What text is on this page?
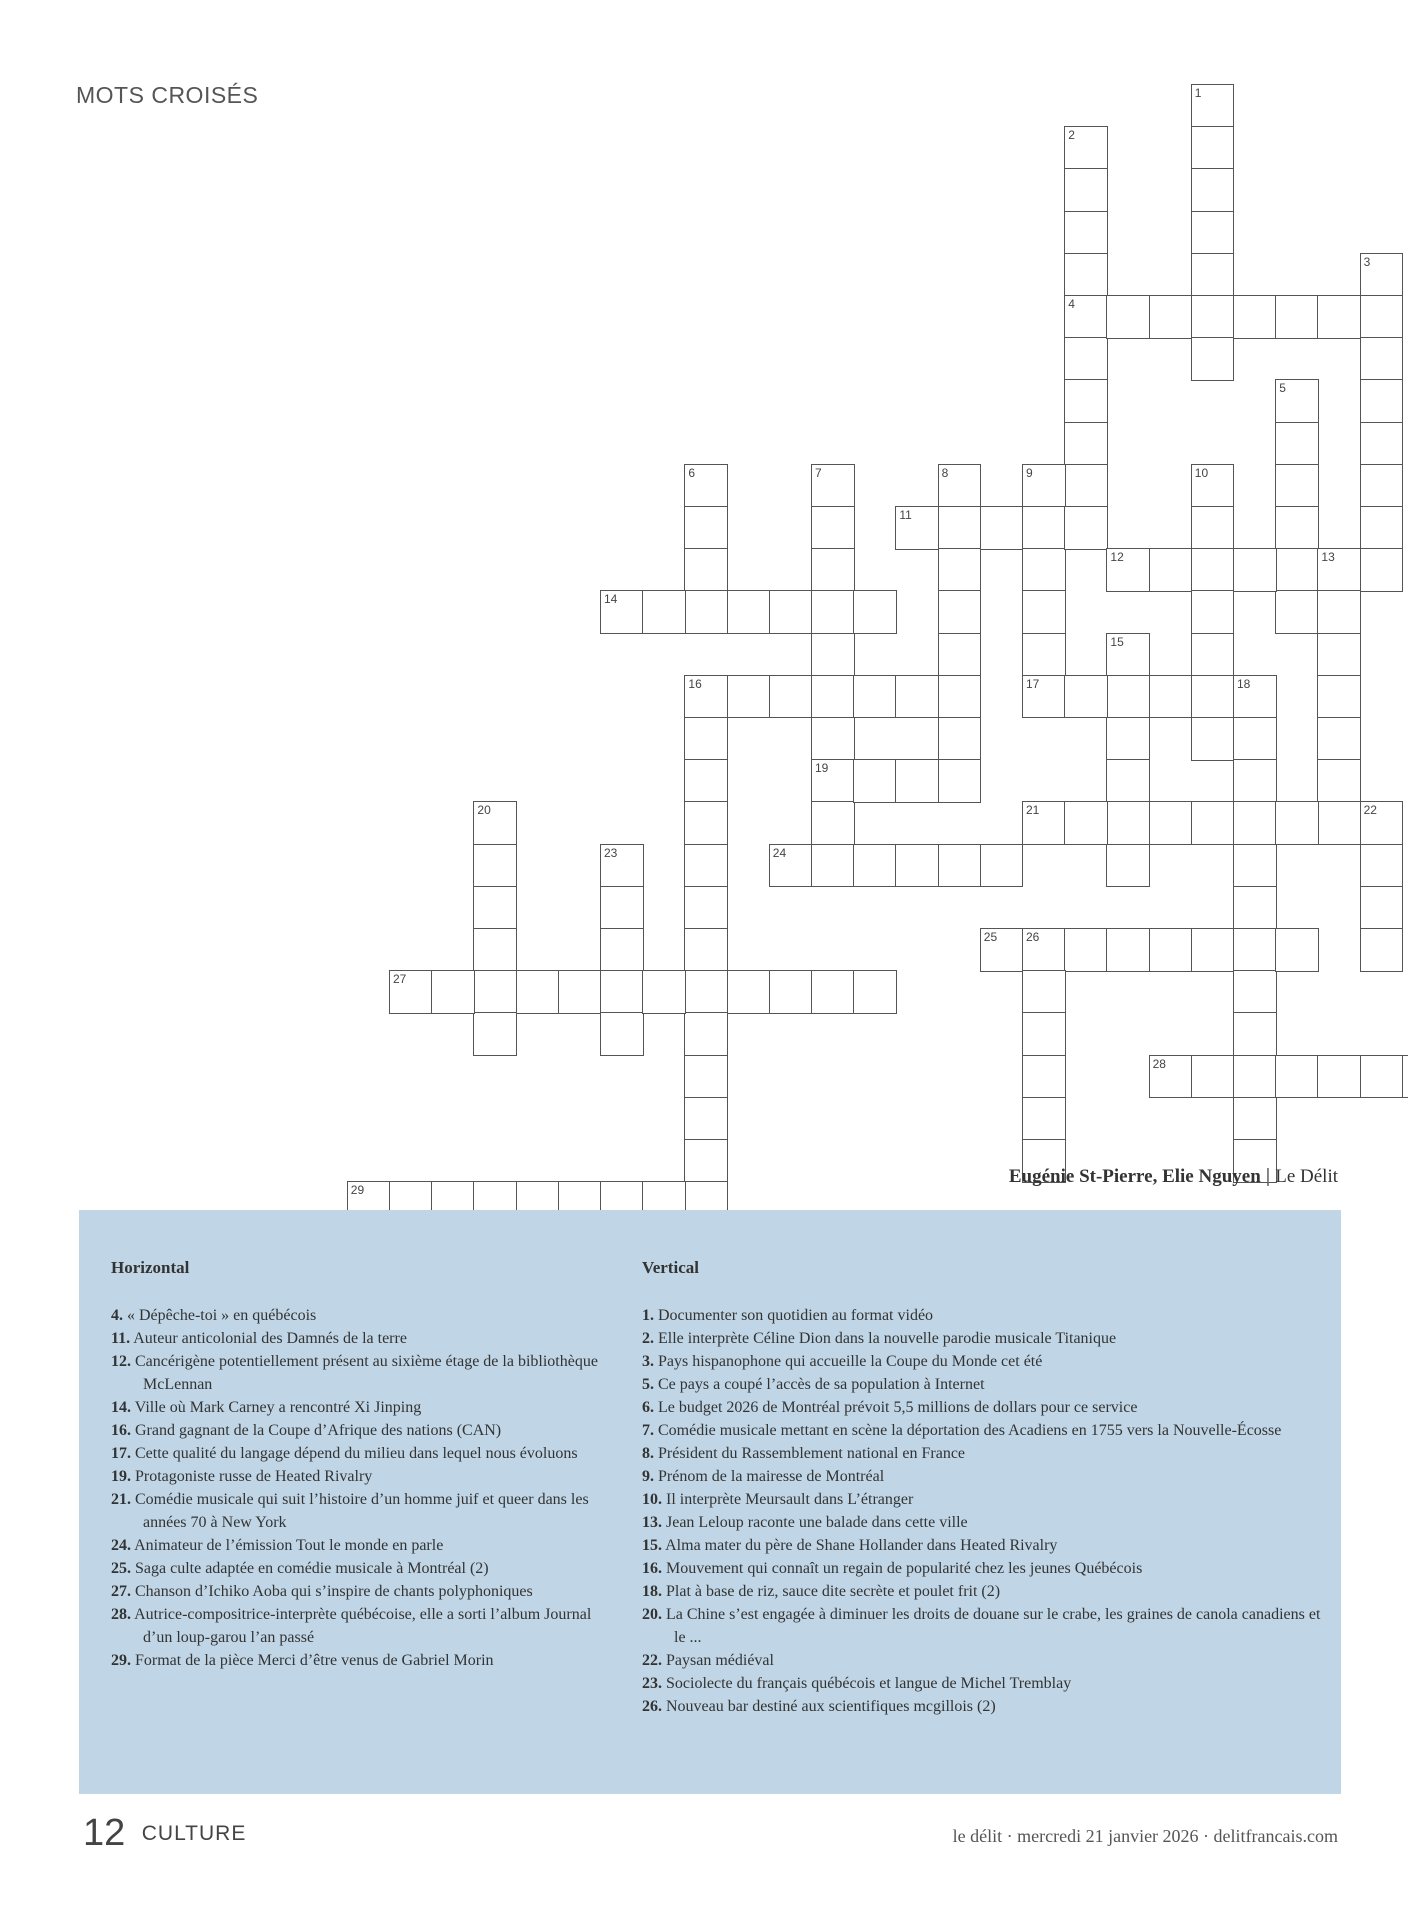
MOTS CROISÉS	1
2
4
3
5
6	7
19
8	9
17
10
11
12	13
14
15
16	18
20	21	22
23	24
25 26
27
28
29
Eugénie St-Pierre, Elie Nguyen | Le Délit
Horizontal
4. « Dépêche-toi » en québécois
11. Auteur anticolonial des Damnés de la terre
12. Cancérigène potentiellement présent au sixième étage de la bibliothèque McLennan
14. Ville où Mark Carney a rencontré Xi Jinping
16. Grand gagnant de la Coupe d’Afrique des nations (CAN)
17. Cette qualité du langage dépend du milieu dans lequel nous évoluons
19. Protagoniste russe de Heated Rivalry
21. Comédie musicale qui suit l’histoire d’un homme juif et queer dans les années 70 à New York
24. Animateur de l’émission Tout le monde en parle
25. Saga culte adaptée en comédie musicale à Montréal (2)
27. Chanson d’Ichiko Aoba qui s’inspire de chants polyphoniques
28. Autrice-compositrice-interprète québécoise, elle a sorti l’album Journal d’un loup-garou l’an passé
29. Format de la pièce Merci d’être venus de Gabriel Morin
Vertical
1. Documenter son quotidien au format vidéo
2. Elle interprète Céline Dion dans la nouvelle parodie musicale Titanique
3. Pays hispanophone qui accueille la Coupe du Monde cet été
5. Ce pays a coupé l’accès de sa population à Internet
6. Le budget 2026 de Montréal prévoit 5,5 millions de dollars pour ce service
7. Comédie musicale mettant en scène la déportation des Acadiens en 1755 vers la Nouvelle-Écosse
8. Président du Rassemblement national en France
9. Prénom de la mairesse de Montréal
10. Il interprète Meursault dans L’étranger
13. Jean Leloup raconte une balade dans cette ville
15. Alma mater du père de Shane Hollander dans Heated Rivalry
16. Mouvement qui connaît un regain de popularité chez les jeunes Québécois
18. Plat à base de riz, sauce dite secrète et poulet frit (2)
20. La Chine s’est engagée à diminuer les droits de douane sur le crabe, les graines de canola canadiens et le ...
22. Paysan médiéval
23. Sociolecte du français québécois et langue de Michel Tremblay
26. Nouveau bar destiné aux scientifiques mcgillois (2)
12 CULTURE	le délit · mercredi 21 janvier 2026 · delitfrancais.com
